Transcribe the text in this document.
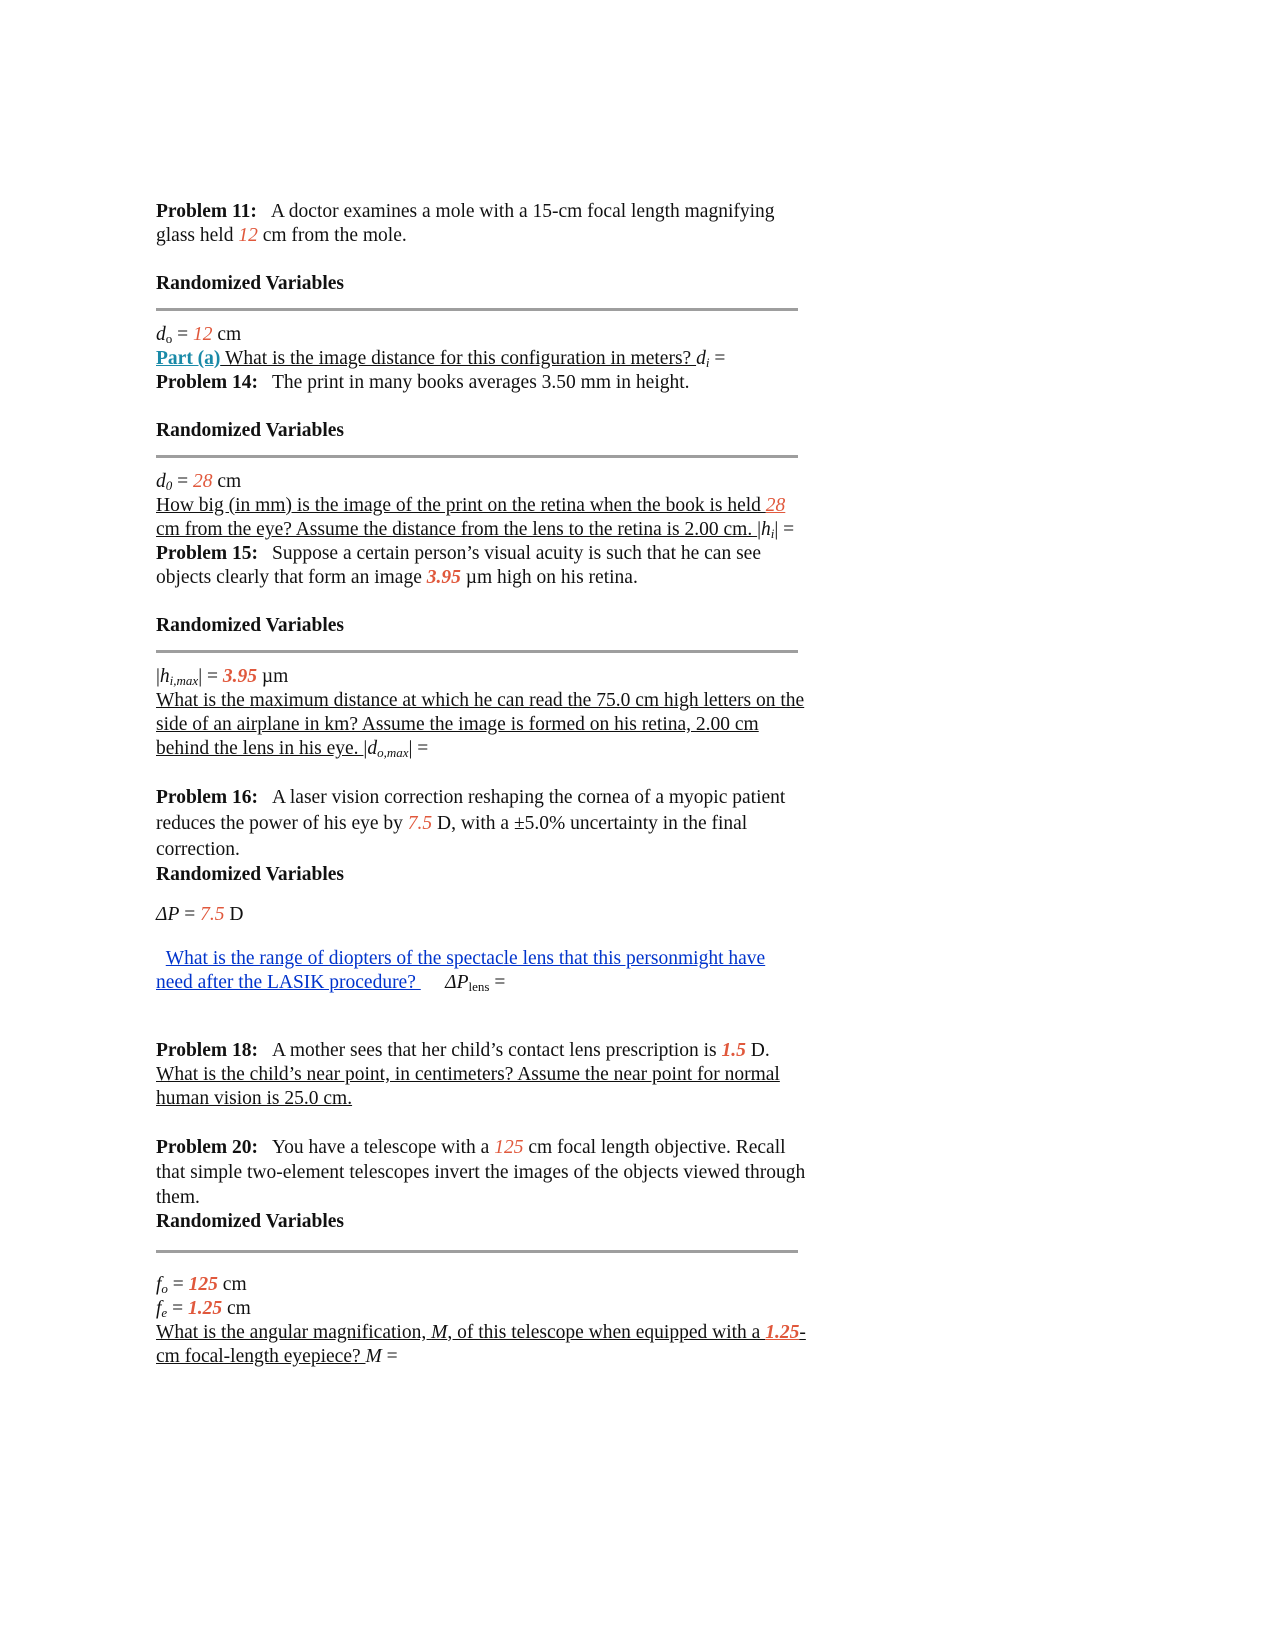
Problem 11: A doctor examines a mole with a 15-cm focal length magnifying glass held 12 cm from the mole.

Randomized Variables

$d_o = 12$ cm

Part (a) What is the image distance for this configuration in meters? $d_i$ =

Problem 14: The print in many books averages 3.50 mm in height.

Randomized Variables

$d_0 = 28$ cm

How big (in mm) is the image of the print on the retina when the book is held 28 cm from the eye? Assume the distance from the lens to the retina is 2.00 cm. $|h_i|$ =

Problem 15: Suppose a certain person’s visual acuity is such that he can see objects clearly that form an image 3.95 µm high on his retina.

Randomized Variables

$|h_{i,max}| = 3.95$ µm

What is the maximum distance at which he can read the 75.0 cm high letters on the side of an airplane in km? Assume the image is formed on his retina, 2.00 cm behind the lens in his eye. $|d_{o,max}|$ =

Problem 16: A laser vision correction reshaping the cornea of a myopic patient reduces the power of his eye by 7.5 D, with a ±5.0% uncertainty in the final correction.

Randomized Variables

ΔP = 7.5 D

What is the range of diopters of the spectacle lens that this personmight have need after the LASIK procedure?      $\Delta P_{lens}$ =

Problem 18: A mother sees that her child’s contact lens prescription is 1.5 D. What is the child’s near point, in centimeters? Assume the near point for normal human vision is 25.0 cm.

Problem 20: You have a telescope with a 125 cm focal length objective. Recall that simple two-element telescopes invert the images of the objects viewed through them.

Randomized Variables

$f_o = 125$ cm

$f_e = 1.25$ cm

What is the angular magnification, M, of this telescope when equipped with a 1.25-cm focal-length eyepiece? M =
